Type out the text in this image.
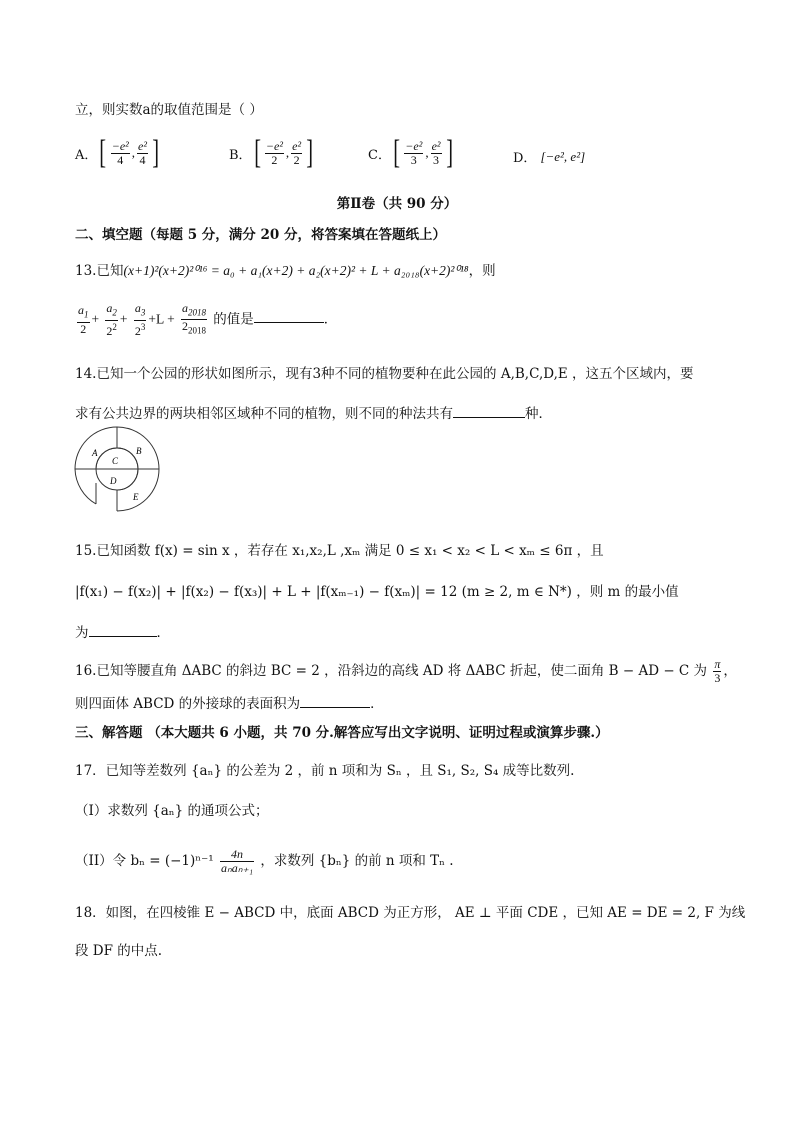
立，则实数a的取值范围是（ ）
A． [ $\frac{\text{−e²}}{4}$ , $\frac{\text{e²}}{4}$ ]	B． [ $\frac{\text{−e²}}{2}$ , $\frac{\text{e²}}{2}$ ]	C． [ $\frac{\text{−e²}}{3}$ , $\frac{\text{e²}}{3}$ ]	D． [−e², e²]
第Ⅱ卷（共 90 分）
二、填空题（每题 5 分，满分 20 分，将答案填在答题纸上）
13.已知(x+1)²(x+2)²⁰¹⁶ = a₀ + a₁(x+2) + a₂(x+2)² + L + a₂₀₁₈(x+2)²⁰¹⁸，则
$\frac{a_1}{2} + \frac{a_2}{2^2} + \frac{a_3}{2^3} +L + \frac{a_{2018}}{2_{2018}}$ 的值是	．
14.已知一个公园的形状如图所示，现有3种不同的植物要种在此公园的 A,B,C,D,E ，这五个区域内，要
求有公共边界的两块相邻区域种不同的植物，则不同的种法共有	种．
A	B
C
D
E
15.已知函数 f(x) = sin x ，若存在 x₁,x₂,L ,xₘ 满足 0 ≤ x₁ < x₂ < L < xₘ ≤ 6π ，且
|f(x₁) − f(x₂)| + |f(x₂) − f(x₃)| + L + |f(xₘ₋₁) − f(xₘ)| = 12 (m ≥ 2, m ∈ N*) ，则 m 的最小值
为	．
16.已知等腰直角 ΔABC 的斜边 BC = 2 ，沿斜边的高线 AD 将 ΔABC 折起，使二面角 B − AD − C 为 $\frac{\pi}{3}$ ，
则四面体 ABCD 的外接球的表面积为	．
三、解答题 （本大题共 6 小题，共 70 分.解答应写出文字说明、证明过程或演算步骤.）
17．已知等差数列 {aₙ} 的公差为 2 ，前 n 项和为 Sₙ ，且 S₁, S₂, S₄ 成等比数列.
（I）求数列 {aₙ} 的通项公式；
（II）令 $b_n = (-1)^{n-1} \frac{4n}{\text{aₙaₙ₊₁}}$ ，求数列 {bₙ} 的前 n 项和 Tₙ .
18．如图，在四棱锥 E − ABCD 中，底面 ABCD 为正方形， AE ⊥ 平面 CDE ，已知 AE = DE = 2, F 为线
段 DF 的中点.
